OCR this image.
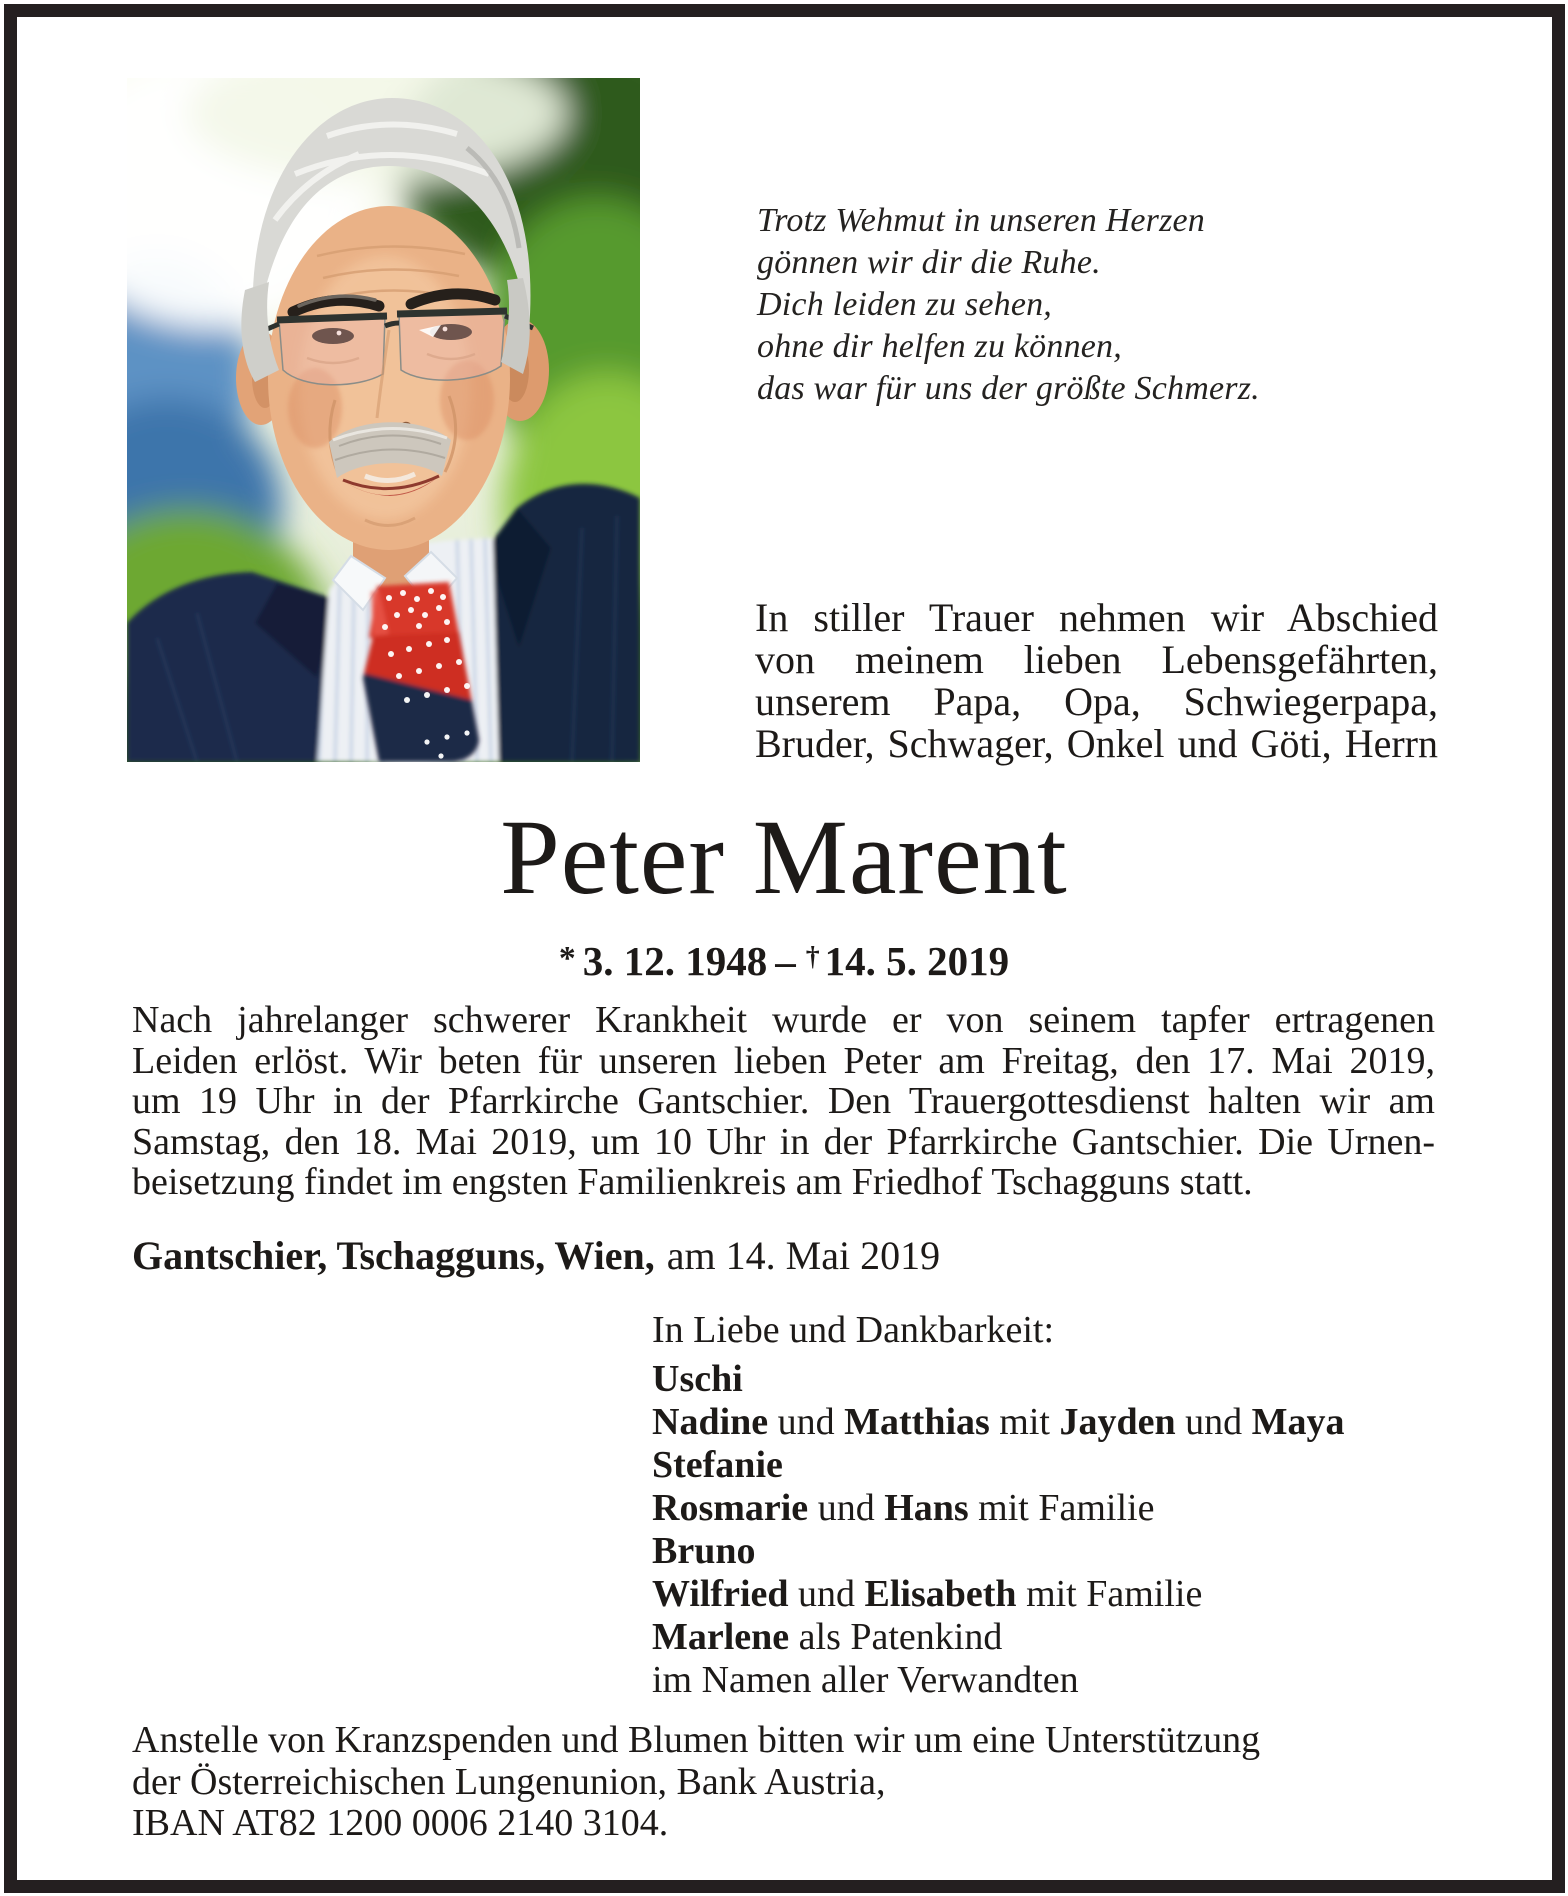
Trotz Wehmut in unseren Herzen
gönnen wir dir die Ruhe.
Dich leiden zu sehen,
ohne dir helfen zu können,
das war für uns der größte Schmerz.
In stiller Trauer nehmen wir Abschied
von meinem lieben Lebensgefährten,
unserem Papa, Opa, Schwiegerpapa,
Bruder, Schwager, Onkel und Göti, Herrn
Peter Marent
* 3. 12. 1948 – † 14. 5. 2019
Nach jahrelanger schwerer Krankheit wurde er von seinem tapfer ertragenen
Leiden erlöst. Wir beten für unseren lieben Peter am Freitag, den 17. Mai 2019,
um 19 Uhr in der Pfarrkirche Gantschier. Den Trauergottesdienst halten wir am
Samstag, den 18. Mai 2019, um 10 Uhr in der Pfarrkirche Gantschier. Die Urnen-
beisetzung findet im engsten Familienkreis am Friedhof Tschagguns statt.
Gantschier, Tschagguns, Wien, am 14. Mai 2019
In Liebe und Dankbarkeit:
Uschi
Nadine und Matthias mit Jayden und Maya
Stefanie
Rosmarie und Hans mit Familie
Bruno
Wilfried und Elisabeth mit Familie
Marlene als Patenkind
im Namen aller Verwandten
Anstelle von Kranzspenden und Blumen bitten wir um eine Unterstützung
der Österreichischen Lungenunion, Bank Austria,
IBAN AT82 1200 0006 2140 3104.
